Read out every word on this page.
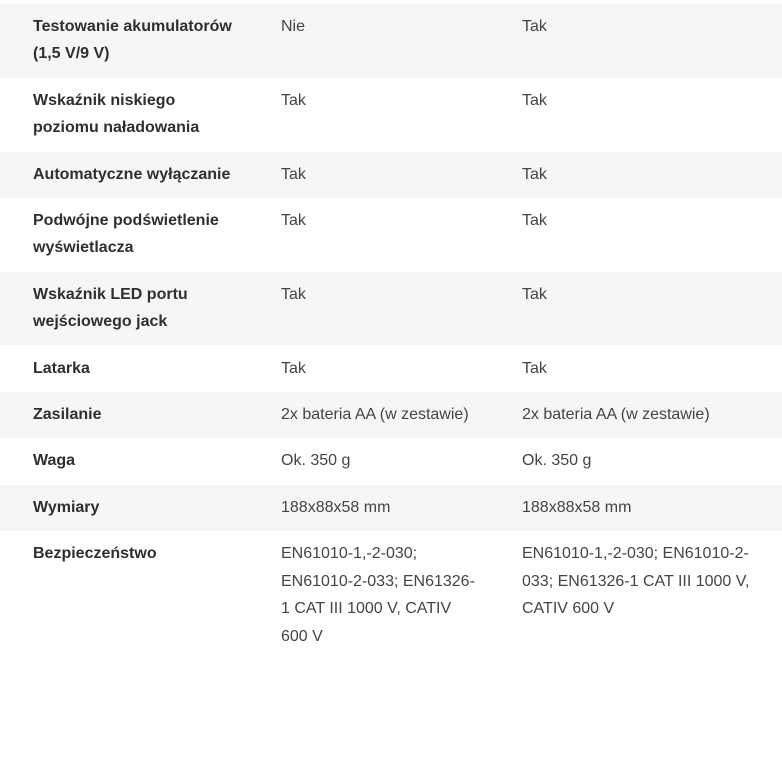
Testowanie akumulatorów (1,5 V/9 V)	Nie	Tak
Wskaźnik niskiego poziomu naładowania	Tak	Tak
Automatyczne wyłączanie	Tak	Tak
Podwójne podświetlenie wyświetlacza	Tak	Tak
Wskaźnik LED portu wejściowego jack	Tak	Tak
Latarka	Tak	Tak
Zasilanie	2x bateria AA (w zestawie)	2x bateria AA (w zestawie)
Waga	Ok. 350 g	Ok. 350 g
Wymiary	188x88x58 mm	188x88x58 mm
Bezpieczeństwo	EN61010-1,-2-030; EN61010-2-033; EN61326-1 CAT III 1000 V, CATIV 600 V	EN61010-1,-2-030; EN61010-2-033; EN61326-1 CAT III 1000 V, CATIV 600 V
